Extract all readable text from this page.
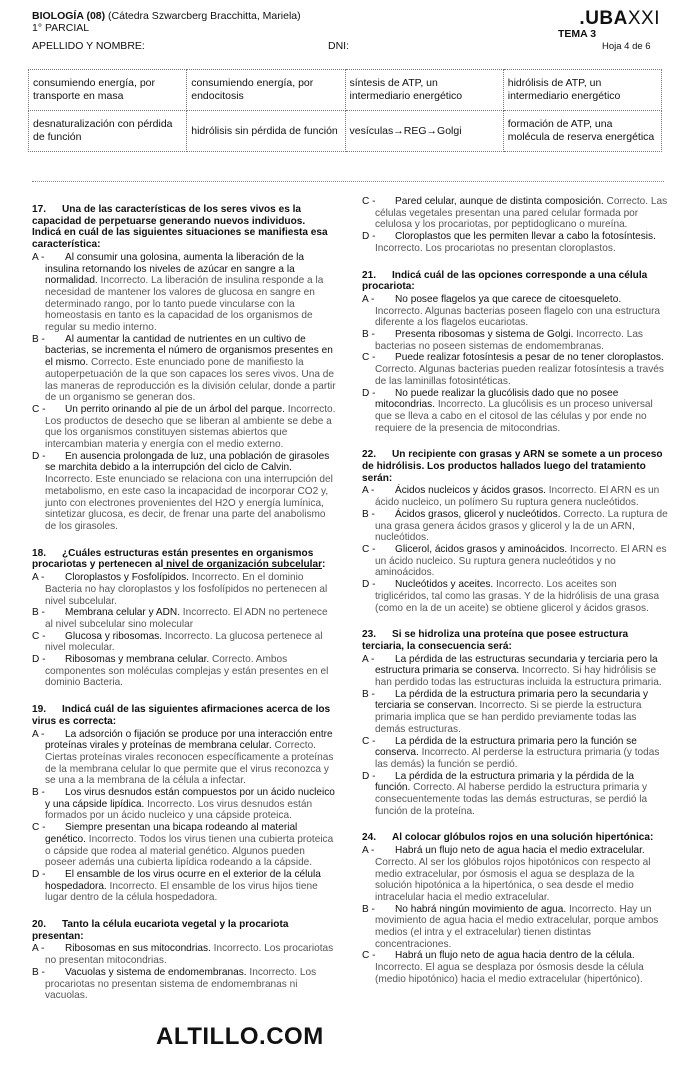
BIOLOGÍA (08) (Cátedra Szwarcberg Bracchitta, Mariela)
1° PARCIAL
APELLIDO Y NOMBRE:	DNI:
.UBAXXI
TEMA 3
Hoja 4 de 6
consumiendo energía, por transporte en masa	consumiendo energía, por endocitosis	síntesis de ATP, un intermediario energético	hidrólisis de ATP, un intermediario energético
desnaturalización con pérdida de función	hidrólisis sin pérdida de función	vesículas→REG→Golgi	formación de ATP, una molécula de reserva energética
17. Una de las características de los seres vivos es la capacidad de perpetuarse generando nuevos individuos. Indicá en cuál de las siguientes situaciones se manifiesta esa característica:
A - Al consumir una golosina, aumenta la liberación de la insulina retornando los niveles de azúcar en sangre a la normalidad. Incorrecto. La liberación de insulina responde a la necesidad de mantener los valores de glucosa en sangre en determinado rango, por lo tanto puede vincularse con la homeostasis en tanto es la capacidad de los organismos de regular su medio interno.
B - Al aumentar la cantidad de nutrientes en un cultivo de bacterias, se incrementa el número de organismos presentes en el mismo. Correcto. Este enunciado pone de manifiesto la autoperpetuación de la que son capaces los seres vivos. Una de las maneras de reproducción es la división celular, donde a partir de un organismo se generan dos.
C - Un perrito orinando al pie de un árbol del parque. Incorrecto. Los productos de desecho que se liberan al ambiente se debe a que los organismos constituyen sistemas abiertos que intercambian materia y energía con el medio externo.
D - En ausencia prolongada de luz, una población de girasoles se marchita debido a la interrupción del ciclo de Calvin. Incorrecto. Este enunciado se relaciona con una interrupción del metabolismo, en este caso la incapacidad de incorporar CO2 y, junto con electrones provenientes del H2O y energía lumínica, sintetizar glucosa, es decir, de frenar una parte del anabolismo de los girasoles.
18. ¿Cuáles estructuras están presentes en organismos procariotas y pertenecen al nivel de organización subcelular:
A - Cloroplastos y Fosfolípidos. Incorrecto. En el dominio Bacteria no hay cloroplastos y los fosfolípidos no pertenecen al nivel subcelular.
B - Membrana celular y ADN. Incorrecto. El ADN no pertenece al nivel subcelular sino molecular
C - Glucosa y ribosomas. Incorrecto. La glucosa pertenece al nivel molecular.
D - Ribosomas y membrana celular. Correcto. Ambos componentes son moléculas complejas y están presentes en el dominio Bacteria.
19. Indicá cuál de las siguientes afirmaciones acerca de los virus es correcta:
A - La adsorción o fijación se produce por una interacción entre proteínas virales y proteínas de membrana celular. Correcto. Ciertas proteínas virales reconocen específicamente a proteínas de la membrana celular lo que permite que el virus reconozca y se una a la membrana de la célula a infectar.
B - Los virus desnudos están compuestos por un ácido nucleico y una cápside lipídica. Incorrecto. Los virus desnudos están formados por un ácido nucleico y una cápside proteica.
C - Siempre presentan una bicapa rodeando al material genético. Incorrecto. Todos los virus tienen una cubierta proteica o cápside que rodea al material genético. Algunos pueden poseer además una cubierta lipídica rodeando a la cápside.
D - El ensamble de los virus ocurre en el exterior de la célula hospedadora. Incorrecto. El ensamble de los virus hijos tiene lugar dentro de la célula hospedadora.
20. Tanto la célula eucariota vegetal y la procariota presentan:
A - Ribosomas en sus mitocondrias. Incorrecto. Los procariotas no presentan mitocondrias.
B - Vacuolas y sistema de endomembranas. Incorrecto. Los procariotas no presentan sistema de endomembranas ni vacuolas.
C - Pared celular, aunque de distinta composición. Correcto. Las células vegetales presentan una pared celular formada por celulosa y los procariotas, por peptidoglicano o mureína.
D - Cloroplastos que les permiten llevar a cabo la fotosíntesis. Incorrecto. Los procariotas no presentan cloroplastos.
21. Indicá cuál de las opciones corresponde a una célula procariota:
A - No posee flagelos ya que carece de citoesqueleto. Incorrecto. Algunas bacterias poseen flagelo con una estructura diferente a los flagelos eucariotas.
B - Presenta ribosomas y sistema de Golgi. Incorrecto. Las bacterias no poseen sistemas de endomembranas.
C - Puede realizar fotosíntesis a pesar de no tener cloroplastos. Correcto. Algunas bacterias pueden realizar fotosíntesis a través de las laminillas fotosintéticas.
D - No puede realizar la glucólisis dado que no posee mitocondrias. Incorrecto. La glucólisis es un proceso universal que se lleva a cabo en el citosol de las células y por ende no requiere de la presencia de mitocondrias.
22. Un recipiente con grasas y ARN se somete a un proceso de hidrólisis. Los productos hallados luego del tratamiento serán:
A - Ácidos nucleicos y ácidos grasos. Incorrecto. El ARN es un ácido nucleico, un polímero Su ruptura genera nucleótidos.
B - Ácidos grasos, glicerol y nucleótidos. Correcto. La ruptura de una grasa genera ácidos grasos y glicerol y la de un ARN, nucleótidos.
C - Glicerol, ácidos grasos y aminoácidos. Incorrecto. El ARN es un ácido nucleico. Su ruptura genera nucleótidos y no aminoácidos.
D - Nucleótidos y aceites. Incorrecto. Los aceites son triglicéridos, tal como las grasas. Y de la hidrólisis de una grasa (como en la de un aceite) se obtiene glicerol y ácidos grasos.
23. Si se hidroliza una proteína que posee estructura terciaria, la consecuencia será:
A - La pérdida de las estructuras secundaria y terciaria pero la estructura primaria se conserva. Incorrecto. Si hay hidrólisis se han perdido todas las estructuras incluida la estructura primaria.
B - La pérdida de la estructura primaria pero la secundaria y terciaria se conservan. Incorrecto. Si se pierde la estructura primaria implica que se han perdido previamente todas las demás estructuras.
C - La pérdida de la estructura primaria pero la función se conserva. Incorrecto. Al perderse la estructura primaria (y todas las demás) la función se perdió.
D - La pérdida de la estructura primaria y la pérdida de la función. Correcto. Al haberse perdido la estructura primaria y consecuentemente todas las demás estructuras, se perdió la función de la proteína.
24. Al colocar glóbulos rojos en una solución hipertónica:
A - Habrá un flujo neto de agua hacia el medio extracelular. Correcto. Al ser los glóbulos rojos hipotónicos con respecto al medio extracelular, por ósmosis el agua se desplaza de la solución hipotónica a la hipertónica, o sea desde el medio intracelular hacia el medio extracelular.
B - No habrá ningún movimiento de agua. Incorrecto. Hay un movimiento de agua hacia el medio extracelular, porque ambos medios (el intra y el extracelular) tienen distintas concentraciones.
C - Habrá un flujo neto de agua hacia dentro de la célula. Incorrecto. El agua se desplaza por ósmosis desde la célula (medio hipotónico) hacia el medio extracelular (hipertónico).
ALTILLO.COM
